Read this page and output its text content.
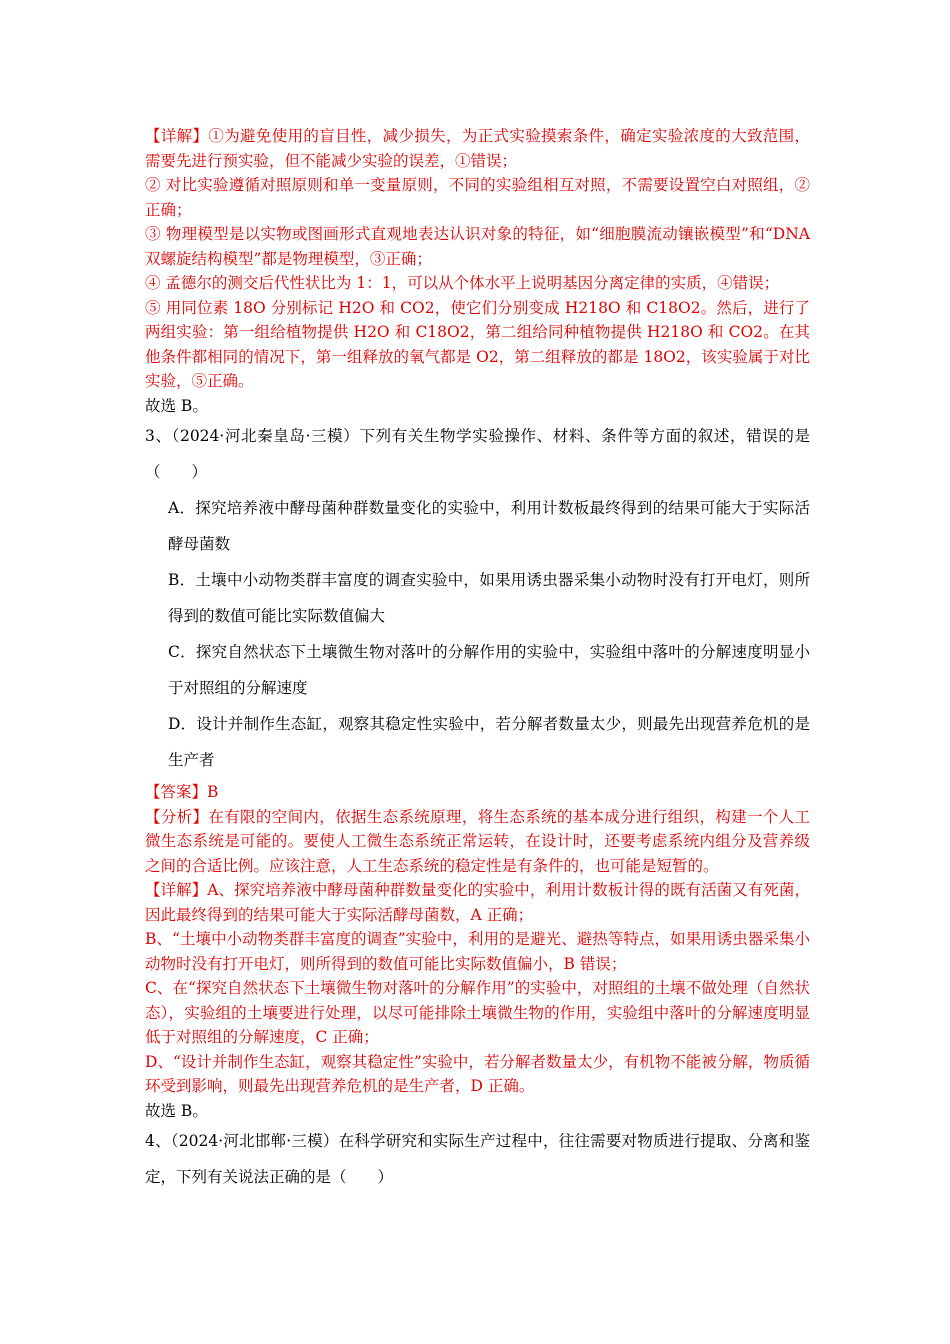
【详解】①为避免使用的盲目性，减少损失，为正式实验摸索条件，确定实验浓度的大致范围，需要先进行预实验，但不能减少实验的误差，①错误；

② 对比实验遵循对照原则和单一变量原则，不同的实验组相互对照，不需要设置空白对照组，②正确；

③ 物理模型是以实物或图画形式直观地表达认识对象的特征，如“细胞膜流动镶嵌模型”和“DNA 双螺旋结构模型”都是物理模型，③正确；

④ 孟德尔的测交后代性状比为 1：1，可以从个体水平上说明基因分离定律的实质，④错误；

⑤ 用同位素 18O 分别标记 H2O 和 CO2，使它们分别变成 H218O 和 C18O2。然后，进行了两组实验：第一组给植物提供 H2O 和 C18O2，第二组给同种植物提供 H218O 和 CO2。在其他条件都相同的情况下，第一组释放的氧气都是 O2，第二组释放的都是 18O2，该实验属于对比实验，⑤正确。

故选 B。

3、（2024·河北秦皇岛·三模）下列有关生物学实验操作、材料、条件等方面的叙述，错误的是（　　）

A．探究培养液中酵母菌种群数量变化的实验中，利用计数板最终得到的结果可能大于实际活酵母菌数

B．土壤中小动物类群丰富度的调查实验中，如果用诱虫器采集小动物时没有打开电灯，则所得到的数值可能比实际数值偏大

C．探究自然状态下土壤微生物对落叶的分解作用的实验中，实验组中落叶的分解速度明显小于对照组的分解速度

D．设计并制作生态缸，观察其稳定性实验中，若分解者数量太少，则最先出现营养危机的是生产者

【答案】B

【分析】在有限的空间内，依据生态系统原理，将生态系统的基本成分进行组织，构建一个人工微生态系统是可能的。要使人工微生态系统正常运转，在设计时，还要考虑系统内组分及营养级之间的合适比例。应该注意，人工生态系统的稳定性是有条件的，也可能是短暂的。

【详解】A、探究培养液中酵母菌种群数量变化的实验中，利用计数板计得的既有活菌又有死菌，因此最终得到的结果可能大于实际活酵母菌数，A 正确；

B、“土壤中小动物类群丰富度的调查”实验中，利用的是避光、避热等特点，如果用诱虫器采集小动物时没有打开电灯，则所得到的数值可能比实际数值偏小，B 错误；

C、在“探究自然状态下土壤微生物对落叶的分解作用”的实验中，对照组的土壤不做处理（自然状态），实验组的土壤要进行处理，以尽可能排除土壤微生物的作用，实验组中落叶的分解速度明显低于对照组的分解速度，C 正确；

D、“设计并制作生态缸，观察其稳定性”实验中，若分解者数量太少，有机物不能被分解，物质循环受到影响，则最先出现营养危机的是生产者，D 正确。

故选 B。

4、（2024·河北邯郸·三模）在科学研究和实际生产过程中，往往需要对物质进行提取、分离和鉴定，下列有关说法正确的是（　　）
